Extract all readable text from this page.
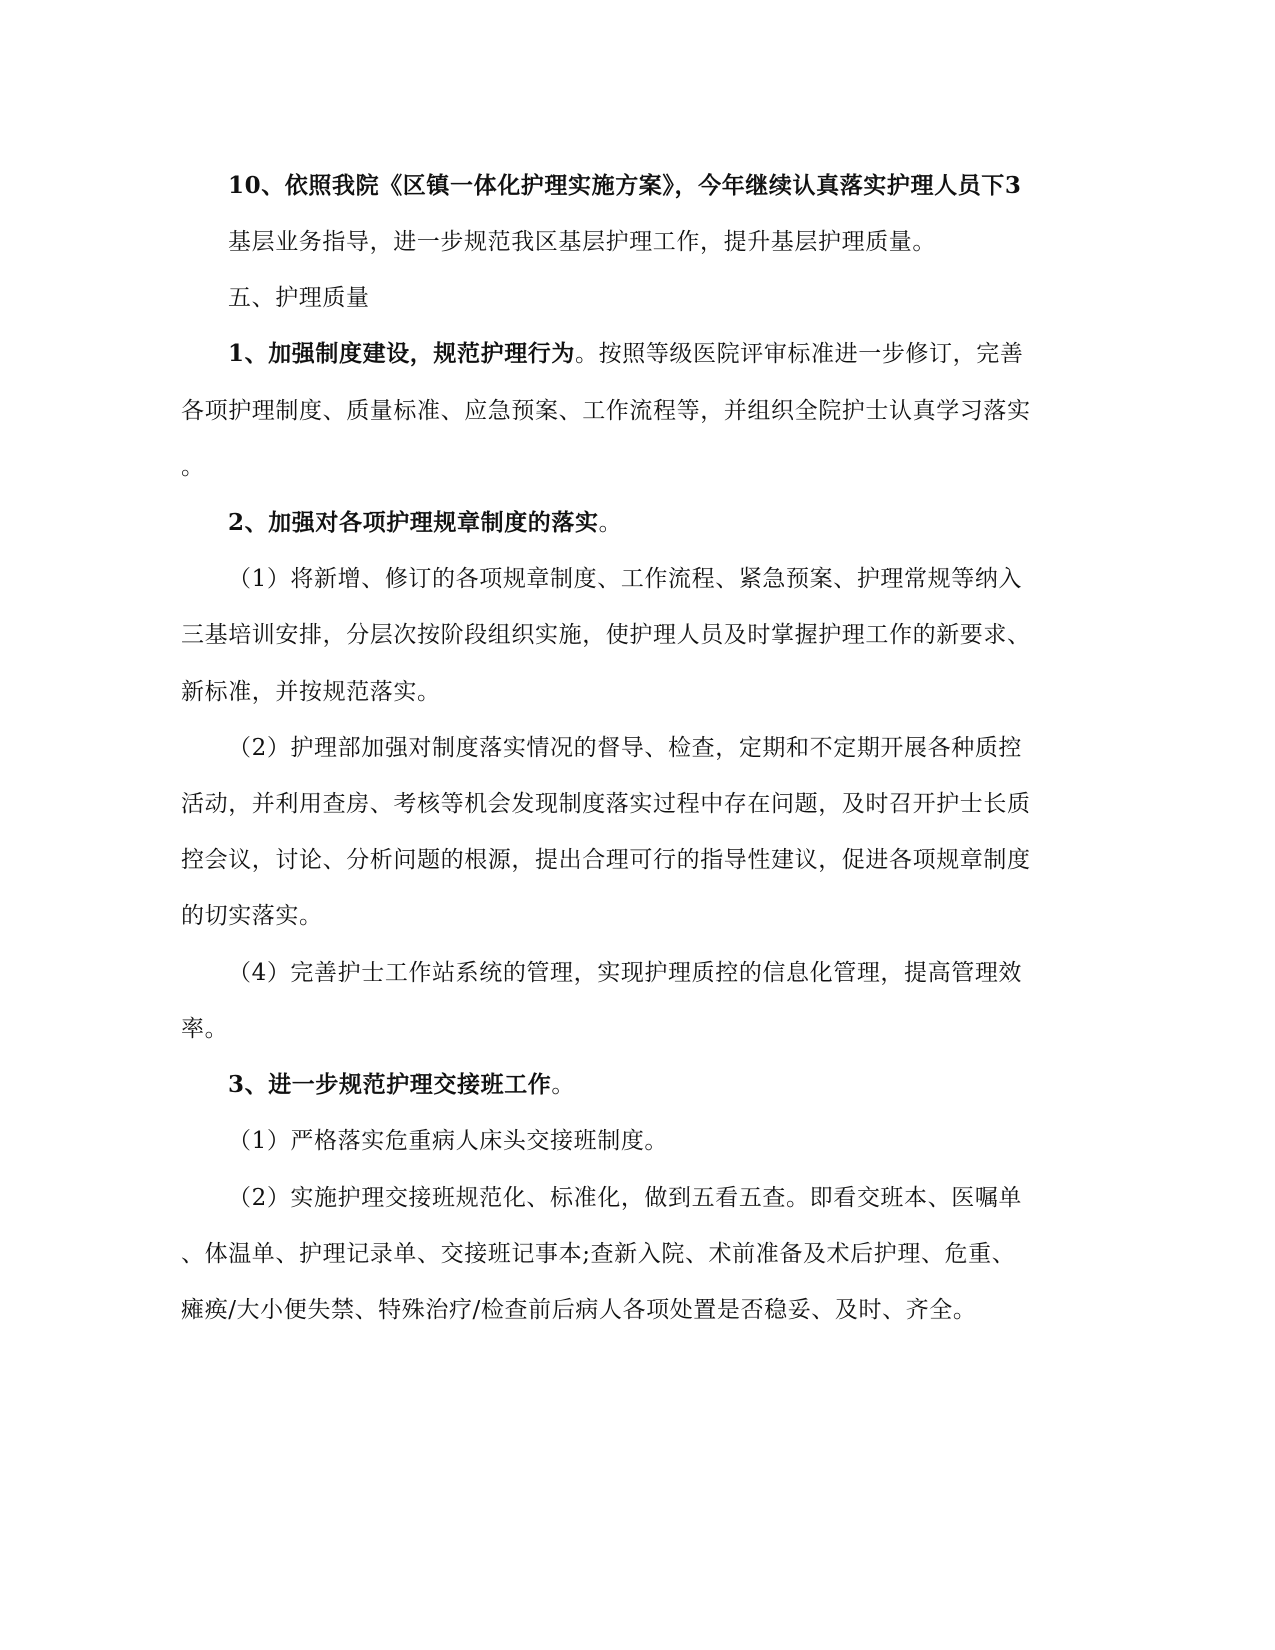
10、依照我院《区镇一体化护理实施方案》，今年继续认真落实护理人员下3
基层业务指导，进一步规范我区基层护理工作，提升基层护理质量。
五、护理质量
1、加强制度建设，规范护理行为。按照等级医院评审标准进一步修订，完善
各项护理制度、质量标准、应急预案、工作流程等，并组织全院护士认真学习落实
。
2、加强对各项护理规章制度的落实。
（1）将新增、修订的各项规章制度、工作流程、紧急预案、护理常规等纳入
三基培训安排，分层次按阶段组织实施，使护理人员及时掌握护理工作的新要求、
新标准，并按规范落实。
（2）护理部加强对制度落实情况的督导、检查，定期和不定期开展各种质控
活动，并利用查房、考核等机会发现制度落实过程中存在问题，及时召开护士长质
控会议，讨论、分析问题的根源，提出合理可行的指导性建议，促进各项规章制度
的切实落实。
（4）完善护士工作站系统的管理，实现护理质控的信息化管理，提高管理效
率。
3、进一步规范护理交接班工作。
（1）严格落实危重病人床头交接班制度。
（2）实施护理交接班规范化、标准化，做到五看五查。即看交班本、医嘱单
、体温单、护理记录单、交接班记事本;查新入院、术前准备及术后护理、危重、
瘫痪/大小便失禁、特殊治疗/检查前后病人各项处置是否稳妥、及时、齐全。
